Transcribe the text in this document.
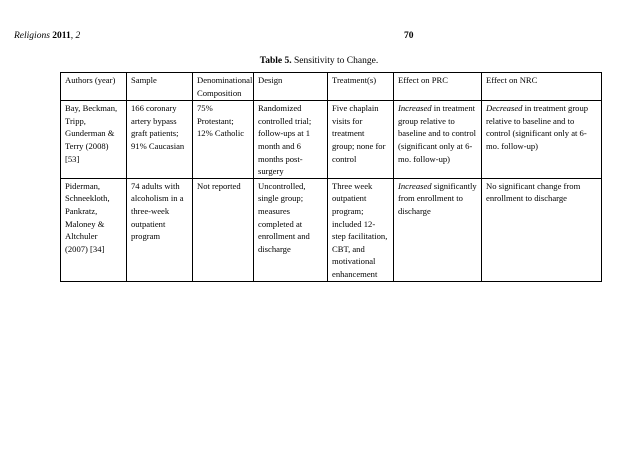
Religions 2011, 2	70
Table 5. Sensitivity to Change.
Authors (year)	Sample	Denominational Composition	Design	Treatment(s)	Effect on PRC	Effect on NRC
Bay, Beckman, Tripp, Gunderman & Terry (2008) [53]	166 coronary artery bypass graft patients; 91% Caucasian	75% Protestant; 12% Catholic	Randomized controlled trial; follow-ups at 1 month and 6 months post-surgery	Five chaplain visits for treatment group; none for control	Increased in treatment group relative to baseline and to control (significant only at 6-mo. follow-up)	Decreased in treatment group relative to baseline and to control (significant only at 6-mo. follow-up)
Piderman, Schneekloth, Pankratz, Maloney & Altchuler (2007) [34]	74 adults with alcoholism in a three-week outpatient program	Not reported	Uncontrolled, single group; measures completed at enrollment and discharge	Three week outpatient program; included 12-step facilitation, CBT, and motivational enhancement	Increased significantly from enrollment to discharge	No significant change from enrollment to discharge
